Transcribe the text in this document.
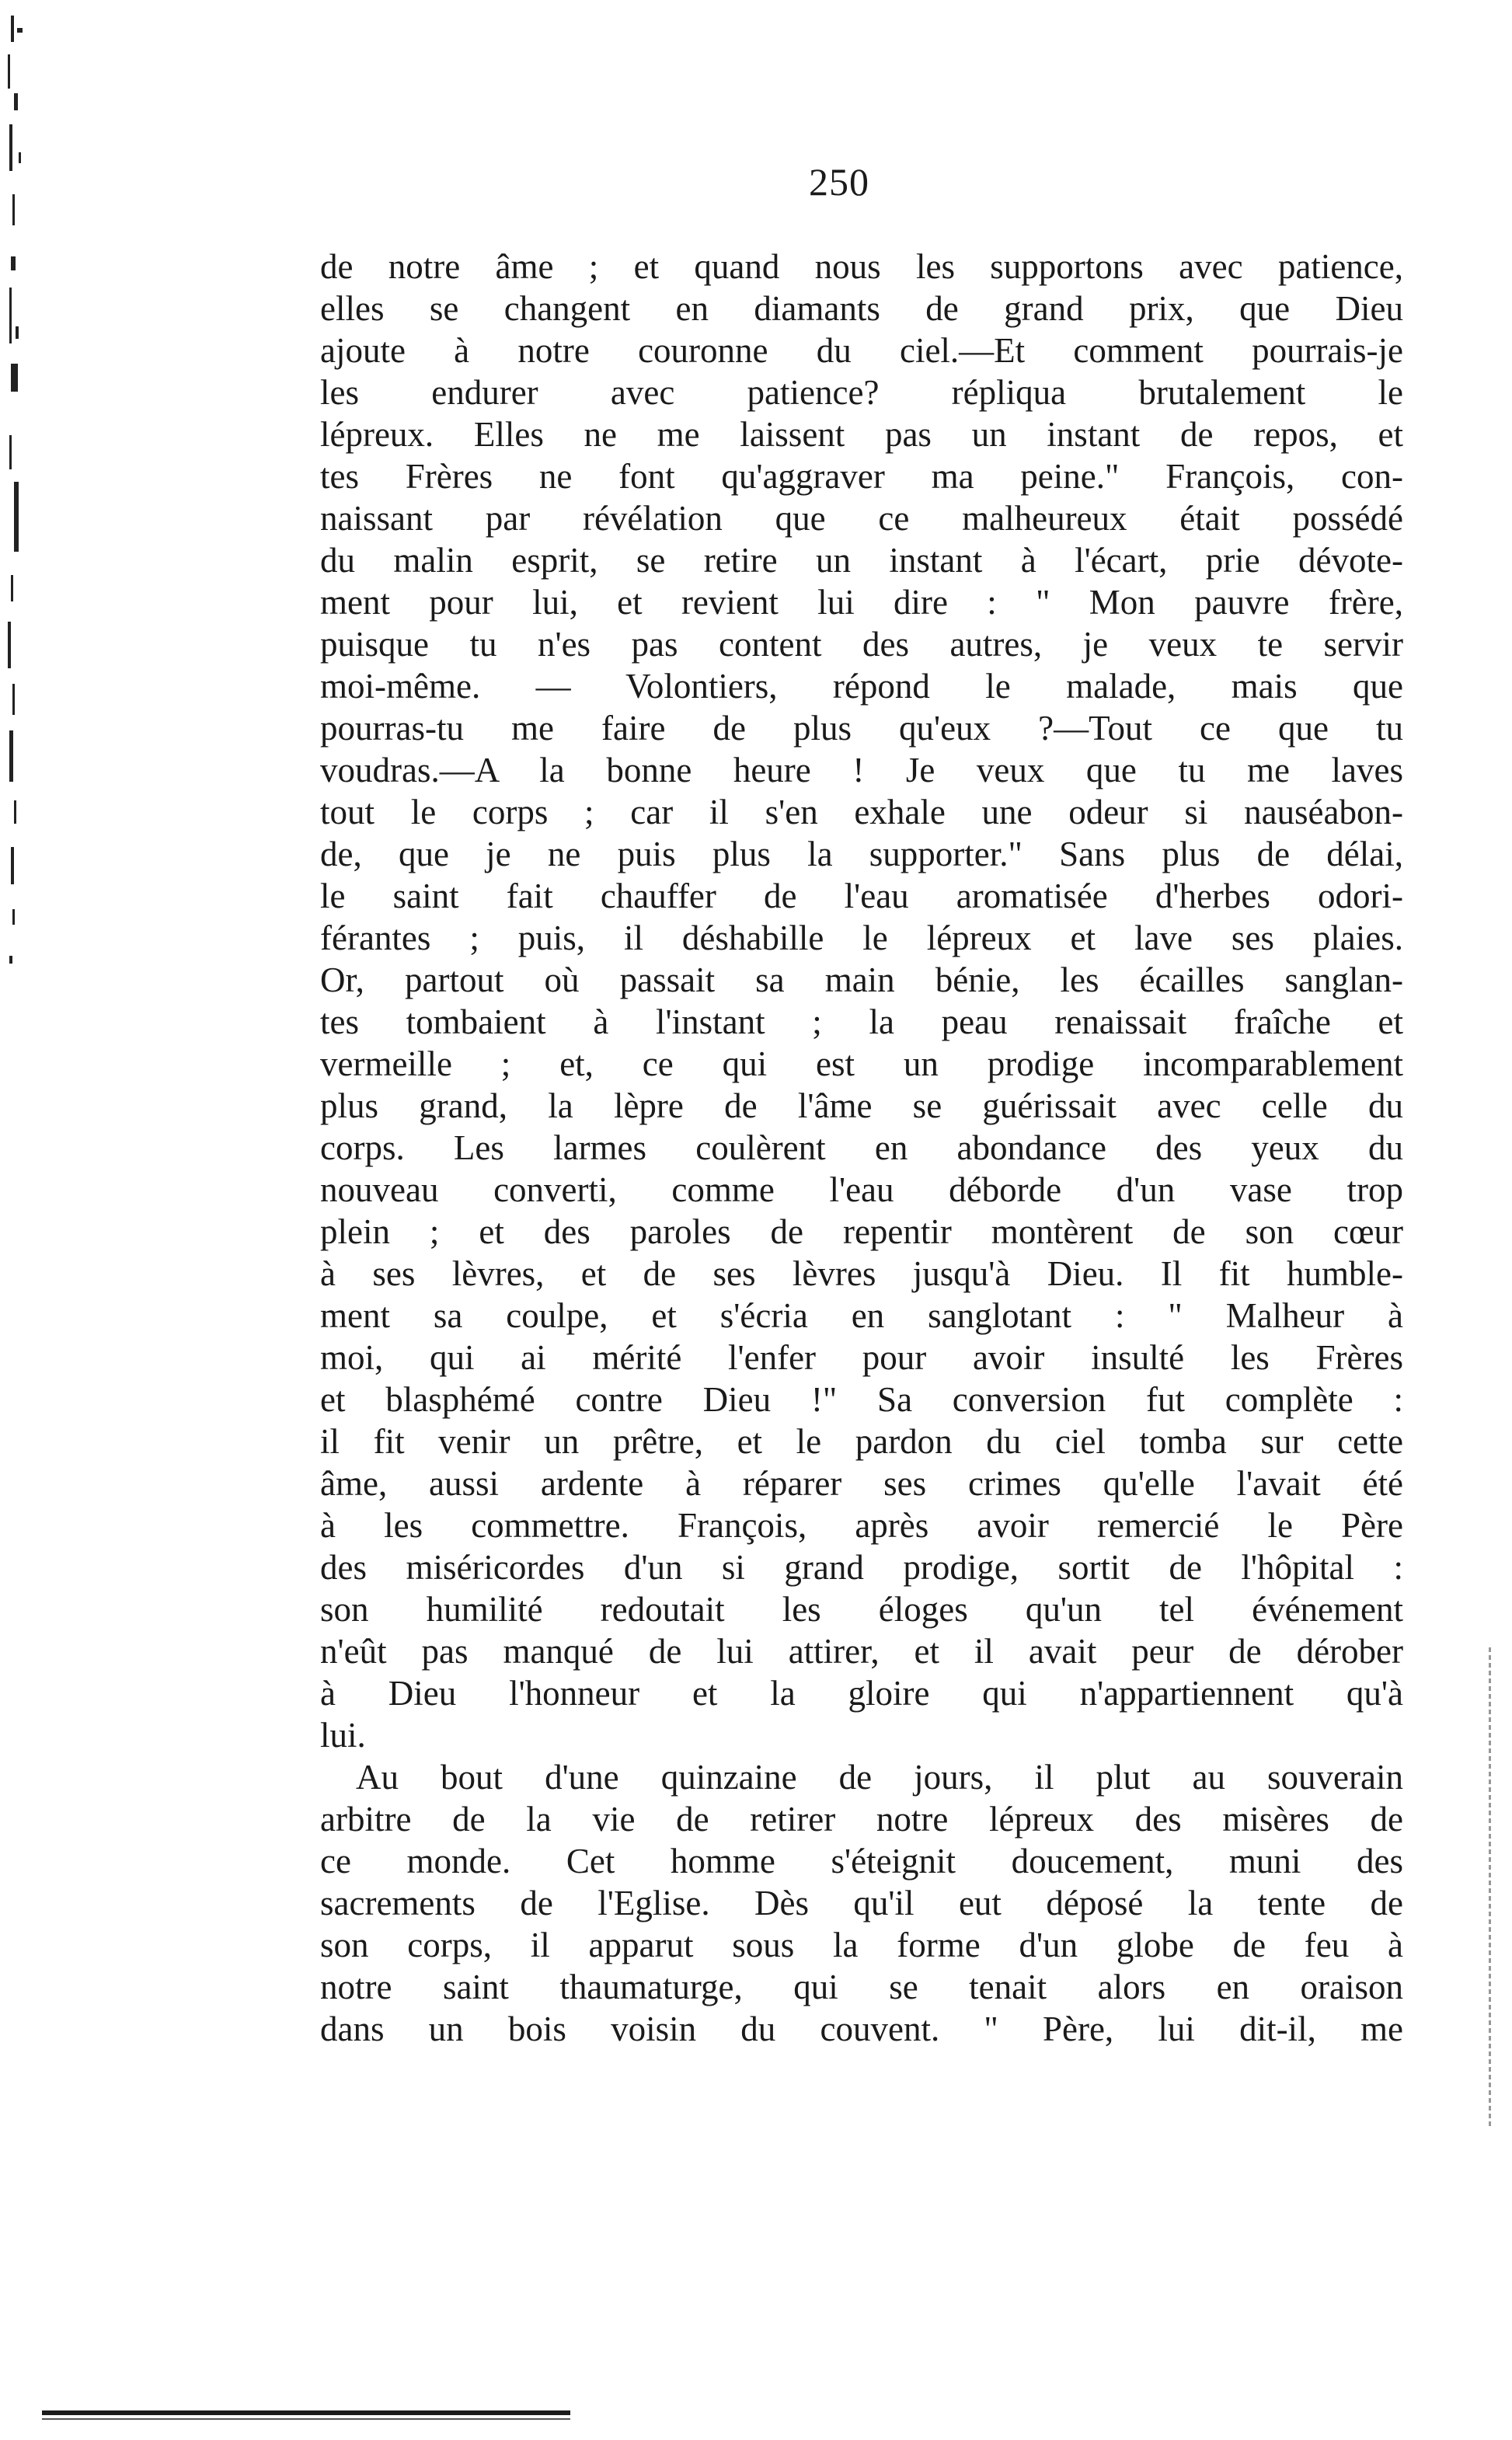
250
de notre âme ; et quand nous les supportons avec patience,
elles se changent en diamants de grand prix, que Dieu
ajoute à notre couronne du ciel.—Et comment pourrais-je
les endurer avec patience? répliqua brutalement le
lépreux. Elles ne me laissent pas un instant de repos, et
tes Frères ne font qu'aggraver ma peine." François, con-
naissant par révélation que ce malheureux était possédé
du malin esprit, se retire un instant à l'écart, prie dévote-
ment pour lui, et revient lui dire : " Mon pauvre frère,
puisque tu n'es pas content des autres, je veux te servir
moi-même. — Volontiers, répond le malade, mais que
pourras-tu me faire de plus qu'eux ?—Tout ce que tu
voudras.—A la bonne heure ! Je veux que tu me laves
tout le corps ; car il s'en exhale une odeur si nauséabon-
de, que je ne puis plus la supporter." Sans plus de délai,
le saint fait chauffer de l'eau aromatisée d'herbes odori-
férantes ; puis, il déshabille le lépreux et lave ses plaies.
Or, partout où passait sa main bénie, les écailles sanglan-
tes tombaient à l'instant ; la peau renaissait fraîche et
vermeille ; et, ce qui est un prodige incomparablement
plus grand, la lèpre de l'âme se guérissait avec celle du
corps. Les larmes coulèrent en abondance des yeux du
nouveau converti, comme l'eau déborde d'un vase trop
plein ; et des paroles de repentir montèrent de son cœur
à ses lèvres, et de ses lèvres jusqu'à Dieu. Il fit humble-
ment sa coulpe, et s'écria en sanglotant : " Malheur à
moi, qui ai mérité l'enfer pour avoir insulté les Frères
et blasphémé contre Dieu !" Sa conversion fut complète :
il fit venir un prêtre, et le pardon du ciel tomba sur cette
âme, aussi ardente à réparer ses crimes qu'elle l'avait été
à les commettre. François, après avoir remercié le Père
des miséricordes d'un si grand prodige, sortit de l'hôpital :
son humilité redoutait les éloges qu'un tel événement
n'eût pas manqué de lui attirer, et il avait peur de dérober
à Dieu l'honneur et la gloire qui n'appartiennent qu'à
lui.
Au bout d'une quinzaine de jours, il plut au souverain
arbitre de la vie de retirer notre lépreux des misères de
ce monde. Cet homme s'éteignit doucement, muni des
sacrements de l'Eglise. Dès qu'il eut déposé la tente de
son corps, il apparut sous la forme d'un globe de feu à
notre saint thaumaturge, qui se tenait alors en oraison
dans un bois voisin du couvent. " Père, lui dit-il, me
